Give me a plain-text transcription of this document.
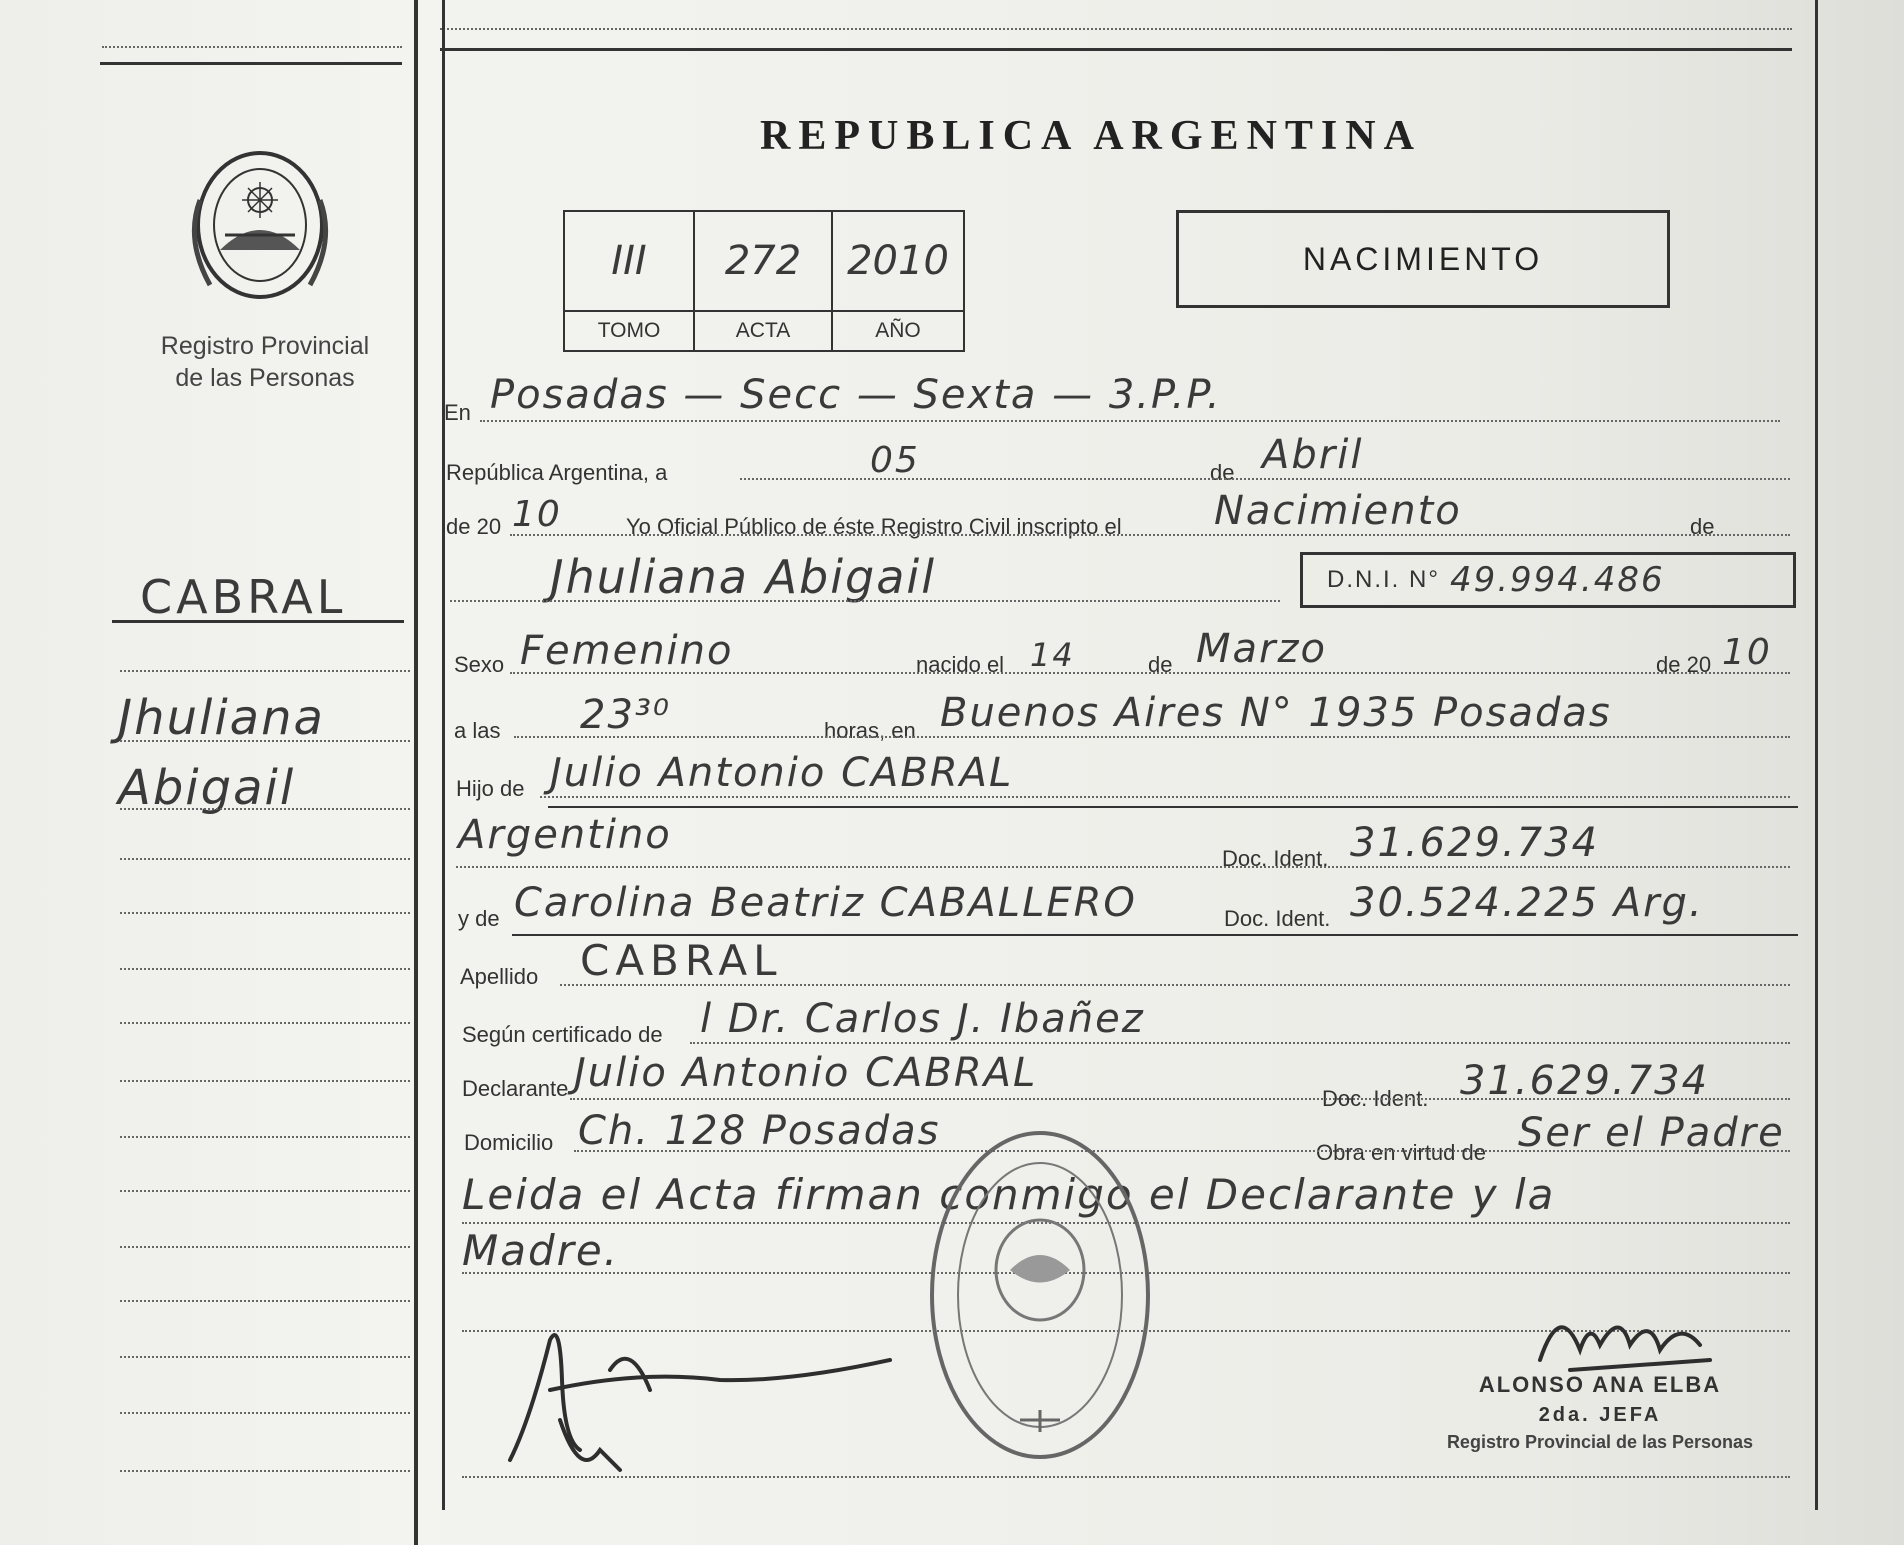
Registro Provincial
de las Personas
REPUBLICA ARGENTINA
III	272	2010
TOMO	ACTA	AÑO
NACIMIENTO
CABRAL
Jhuliana
Abigail
En Posadas — Secc — Sexta — 3.P.P.
República Argentina, a	05	de Abril
de 20 10	Yo Oficial Público de éste Registro Civil inscripto el Nacimiento	de
Jhuliana Abigail	D.N.I. N° 49.994.486
Sexo Femenino	nacido el 14	de Marzo	de 20 10
a las 23³⁰	horas, en Buenos Aires N° 1935 Posadas
Hijo de Julio Antonio CABRAL
Argentino
Doc. Ident. 31.629.734
y de Carolina Beatriz CABALLERO	Doc. Ident. 30.524.225 Arg.
Apellido CABRAL
Según certificado de l Dr. Carlos J. Ibañez
Declarante Julio Antonio CABRAL
Doc. Ident. 31.629.734
Domicilio Ch. 128 Posadas	Obra en virtud de Ser el Padre
Leida el Acta firman conmigo el Declarante y la
Madre.
ALONSO ANA ELBA
2da. JEFA
Registro Provincial de las Personas
